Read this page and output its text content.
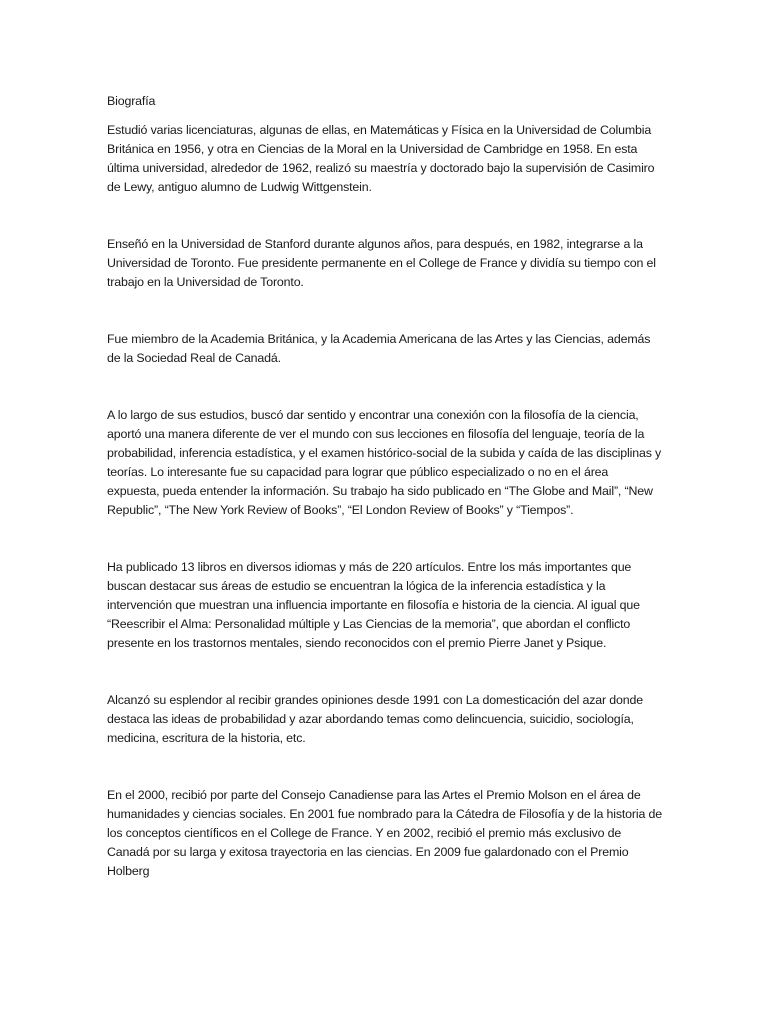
Biografía

Estudió varias licenciaturas, algunas de ellas, en Matemáticas y Física en la Universidad de Columbia Británica en 1956, y otra en Ciencias de la Moral en la Universidad de Cambridge en 1958. En esta última universidad, alrededor de 1962, realizó su maestría y doctorado bajo la supervisión de Casimiro de Lewy, antiguo alumno de Ludwig Wittgenstein.

Enseñó en la Universidad de Stanford durante algunos años, para después, en 1982, integrarse a la Universidad de Toronto. Fue presidente permanente en el College de France y dividía su tiempo con el trabajo en la Universidad de Toronto.

Fue miembro de la Academia Británica, y la Academia Americana de las Artes y las Ciencias, además de la Sociedad Real de Canadá.

A lo largo de sus estudios, buscó dar sentido y encontrar una conexión con la filosofía de la ciencia, aportó una manera diferente de ver el mundo con sus lecciones en filosofía del lenguaje, teoría de la probabilidad, inferencia estadística, y el examen histórico-social de la subida y caída de las disciplinas y teorías. Lo interesante fue su capacidad para lograr que público especializado o no en el área expuesta, pueda entender la información. Su trabajo ha sido publicado en “The Globe and Mail”, “New Republic”, “The New York Review of Books”, “El London Review of Books” y “Tiempos”.

Ha publicado 13 libros en diversos idiomas y más de 220 artículos. Entre los más importantes que buscan destacar sus áreas de estudio se encuentran la lógica de la inferencia estadística y la intervención que muestran una influencia importante en filosofía e historia de la ciencia. Al igual que “Reescribir el Alma: Personalidad múltiple y Las Ciencias de la memoria”, que abordan el conflicto presente en los trastornos mentales, siendo reconocidos con el premio Pierre Janet y Psique.

Alcanzó su esplendor al recibir grandes opiniones desde 1991 con La domesticación del azar donde destaca las ideas de probabilidad y azar abordando temas como delincuencia, suicidio, sociología, medicina, escritura de la historia, etc.

En el 2000, recibió por parte del Consejo Canadiense para las Artes el Premio Molson en el área de humanidades y ciencias sociales. En 2001 fue nombrado para la Cátedra de Filosofía y de la historia de los conceptos científicos en el College de France. Y en 2002, recibió el premio más exclusivo de Canadá por su larga y exitosa trayectoria en las ciencias. En 2009 fue galardonado con el Premio Holberg
